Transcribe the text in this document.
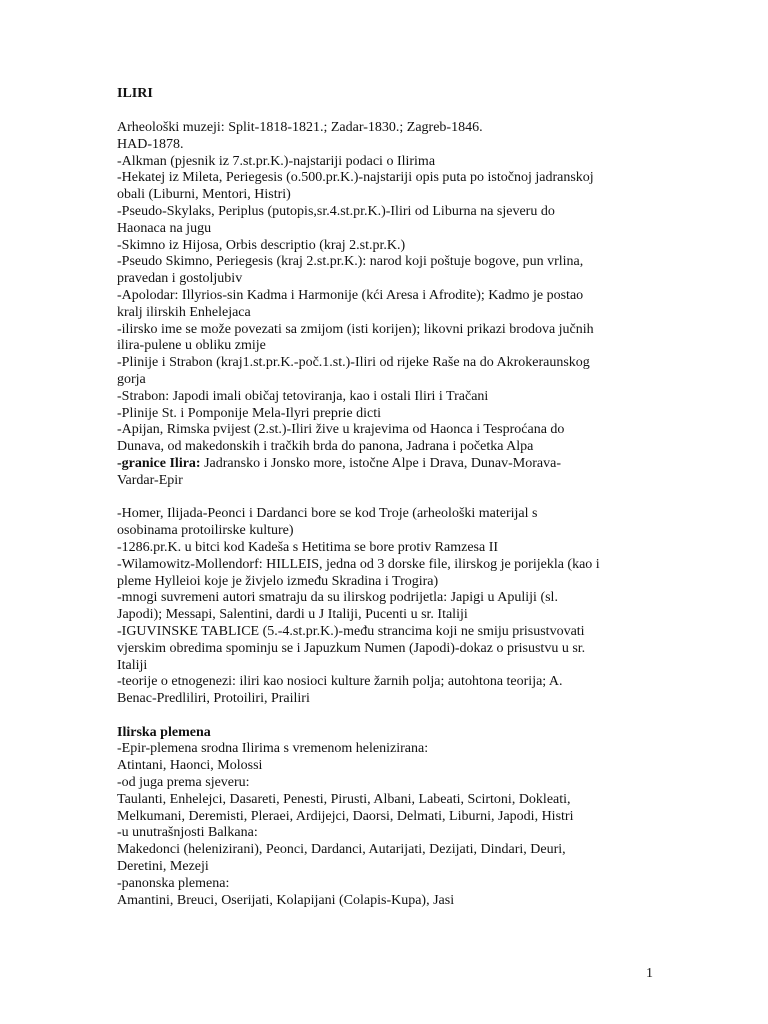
ILIRI
Arheološki muzeji: Split-1818-1821.; Zadar-1830.; Zagreb-1846.
HAD-1878.
-Alkman (pjesnik iz 7.st.pr.K.)-najstariji podaci o Ilirima
-Hekatej iz Mileta, Periegesis (o.500.pr.K.)-najstariji opis puta po istočnoj jadranskoj
obali (Liburni, Mentori, Histri)
-Pseudo-Skylaks, Periplus (putopis,sr.4.st.pr.K.)-Iliri od Liburna na sjeveru do
Haonaca na jugu
-Skimno iz Hijosa, Orbis descriptio (kraj 2.st.pr.K.)
-Pseudo Skimno, Periegesis (kraj 2.st.pr.K.): narod koji poštuje bogove, pun vrlina,
pravedan i gostoljubiv
-Apolodar: Illyrios-sin Kadma i Harmonije (kći Aresa i Afrodite); Kadmo je postao
kralj ilirskih Enhelejaca
-ilirsko ime se može povezati sa zmijom (isti korijen); likovni prikazi brodova jučnih
ilira-pulene u obliku zmije
-Plinije i Strabon (kraj1.st.pr.K.-poč.1.st.)-Iliri od rijeke Raše na do Akrokeraunskog
gorja
-Strabon: Japodi imali običaj tetoviranja, kao i ostali Iliri i Tračani
-Plinije St. i Pomponije Mela-Ilyri preprie dicti
-Apijan, Rimska pvijest (2.st.)-Iliri žive u krajevima od Haonca i Tesproćana do
Dunava, od makedonskih i tračkih brda do panona, Jadrana i početka Alpa
-granice Ilira: Jadransko i Jonsko more, istočne Alpe i Drava, Dunav-Morava-
Vardar-Epir
-Homer, Ilijada-Peonci i Dardanci bore se kod Troje (arheološki materijal s
osobinama protoilirske kulture)
-1286.pr.K. u bitci kod Kadeša s Hetitima se bore protiv Ramzesa II
-Wilamowitz-Mollendorf: HILLEIS, jedna od 3 dorske file, ilirskog je porijekla (kao i
pleme Hylleioi koje je živjelo između Skradina i Trogira)
-mnogi suvremeni autori smatraju da su ilirskog podrijetla: Japigi u Apuliji (sl.
Japodi); Messapi, Salentini, dardi u J Italiji, Pucenti u sr. Italiji
-IGUVINSKE TABLICE (5.-4.st.pr.K.)-među strancima koji ne smiju prisustvovati
vjerskim obredima spominju se i Japuzkum Numen (Japodi)-dokaz o prisustvu u sr.
Italiji
-teorije o etnogenezi: iliri kao nosioci kulture žarnih polja; autohtona teorija; A.
Benac-Predliliri, Protoiliri, Prailiri
Ilirska plemena
-Epir-plemena srodna Ilirima s vremenom helenizirana:
Atintani, Haonci, Molossi
-od juga prema sjeveru:
Taulanti, Enhelejci, Dasareti, Penesti, Pirusti, Albani, Labeati, Scirtoni, Dokleati,
Melkumani, Deremisti, Pleraei, Ardijejci, Daorsi, Delmati, Liburni, Japodi, Histri
-u unutrašnjosti Balkana:
Makedonci (helenizirani), Peonci, Dardanci, Autarijati, Dezijati, Dindari, Deuri,
Deretini, Mezeji
-panonska plemena:
Amantini, Breuci, Oserijati, Kolapijani (Colapis-Kupa), Jasi
1
